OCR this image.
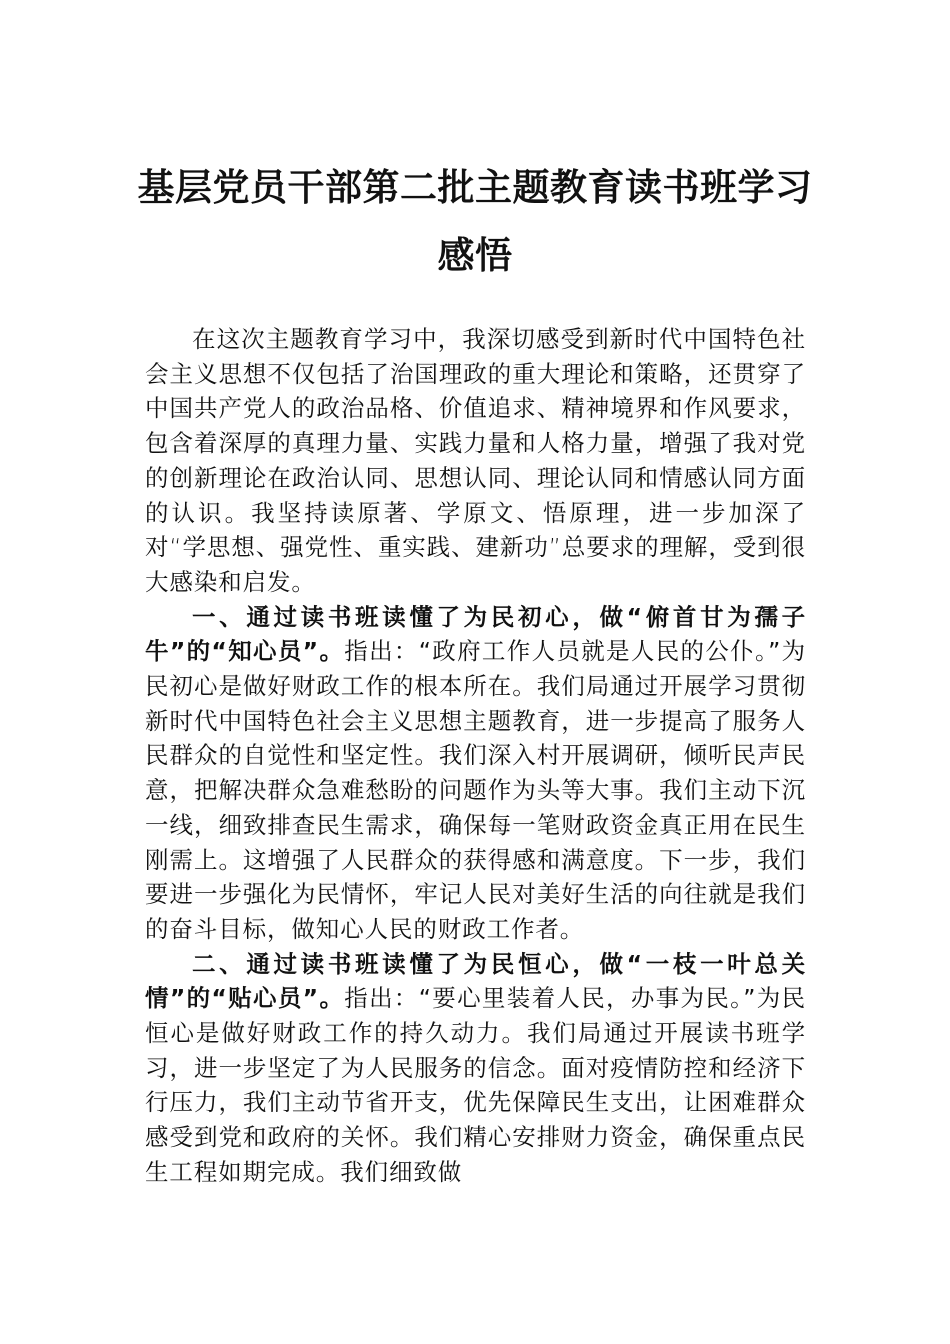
基层党员干部第二批主题教育读书班学习
感悟

在这次主题教育学习中，我深切感受到新时代中国特色社会主义思想不仅包括了治国理政的重大理论和策略，还贯穿了中国共产党人的政治品格、价值追求、精神境界和作风要求，包含着深厚的真理力量、实践力量和人格力量，增强了我对党的创新理论在政治认同、思想认同、理论认同和情感认同方面的认识。我坚持读原著、学原文、悟原理，进一步加深了对“学思想、强党性、重实践、建新功”总要求的理解，受到很大感染和启发。

一、通过读书班读懂了为民初心，做“俯首甘为孺子牛”的“知心员”。指出：“政府工作人员就是人民的公仆。”为民初心是做好财政工作的根本所在。我们局通过开展学习贯彻新时代中国特色社会主义思想主题教育，进一步提高了服务人民群众的自觉性和坚定性。我们深入村开展调研，倾听民声民意，把解决群众急难愁盼的问题作为头等大事。我们主动下沉一线，细致排查民生需求，确保每一笔财政资金真正用在民生刚需上。这增强了人民群众的获得感和满意度。下一步，我们要进一步强化为民情怀，牢记人民对美好生活的向往就是我们的奋斗目标，做知心人民的财政工作者。

二、通过读书班读懂了为民恒心，做“一枝一叶总关情”的“贴心员”。指出：“要心里装着人民，办事为民。”为民恒心是做好财政工作的持久动力。我们局通过开展读书班学习，进一步坚定了为人民服务的信念。面对疫情防控和经济下行压力，我们主动节省开支，优先保障民生支出，让困难群众感受到党和政府的关怀。我们精心安排财力资金，确保重点民生工程如期完成。我们细致做
